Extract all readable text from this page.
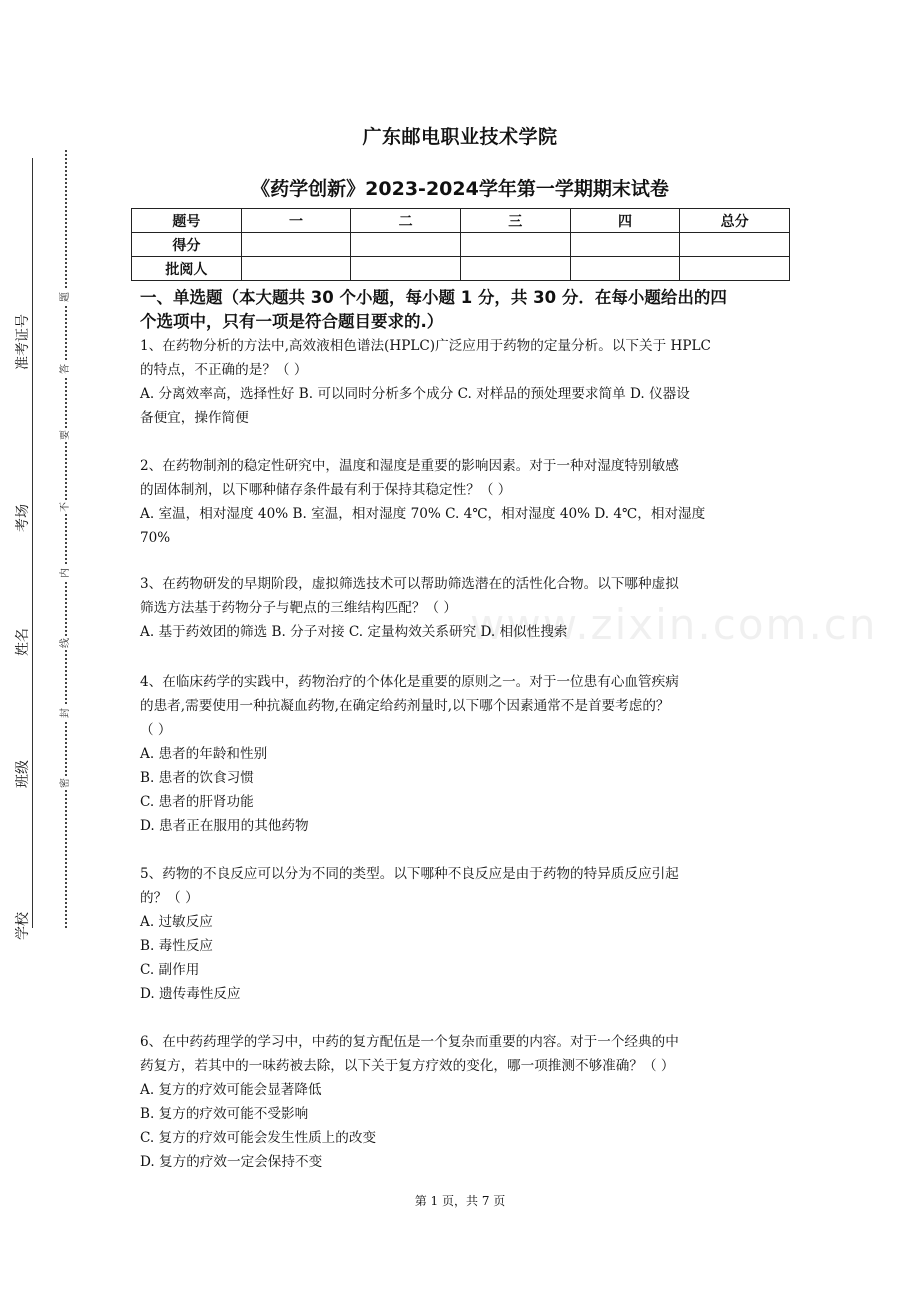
准考证号
考场
姓名
班级
学校
题
答
要
不
内
线
封
密
广东邮电职业技术学院
《药学创新》2023-2024学年第一学期期末试卷
题号	一	二	三	四	总分
得分					
批阅人					
一、单选题（本大题共 30 个小题，每小题 1 分，共 30 分．在每小题给出的四
个选项中，只有一项是符合题目要求的.）

1、在药物分析的方法中,高效液相色谱法(HPLC)广泛应用于药物的定量分析。以下关于 HPLC

的特点，不正确的是？（ ）

A. 分离效率高，选择性好 B. 可以同时分析多个成分 C. 对样品的预处理要求简单 D. 仪器设

备便宜，操作简便

2、在药物制剂的稳定性研究中，温度和湿度是重要的影响因素。对于一种对湿度特别敏感

的固体制剂，以下哪种储存条件最有利于保持其稳定性？（ ）

A. 室温，相对湿度 40% B. 室温，相对湿度 70% C. 4℃，相对湿度 40% D. 4℃，相对湿度

70%

3、在药物研发的早期阶段，虚拟筛选技术可以帮助筛选潜在的活性化合物。以下哪种虚拟

筛选方法基于药物分子与靶点的三维结构匹配？（ ）

A. 基于药效团的筛选 B. 分子对接 C. 定量构效关系研究 D. 相似性搜索

4、在临床药学的实践中，药物治疗的个体化是重要的原则之一。对于一位患有心血管疾病

的患者,需要使用一种抗凝血药物,在确定给药剂量时,以下哪个因素通常不是首要考虑的？

（ ）

A. 患者的年龄和性别

B. 患者的饮食习惯

C. 患者的肝肾功能

D. 患者正在服用的其他药物

5、药物的不良反应可以分为不同的类型。以下哪种不良反应是由于药物的特异质反应引起

的？（ ）

A. 过敏反应

B. 毒性反应

C. 副作用

D. 遗传毒性反应

6、在中药药理学的学习中，中药的复方配伍是一个复杂而重要的内容。对于一个经典的中

药复方，若其中的一味药被去除，以下关于复方疗效的变化，哪一项推测不够准确？（ ）

A. 复方的疗效可能会显著降低

B. 复方的疗效可能不受影响

C. 复方的疗效可能会发生性质上的改变

D. 复方的疗效一定会保持不变

www.zixin.com.cn
第 1 页，共 7 页
